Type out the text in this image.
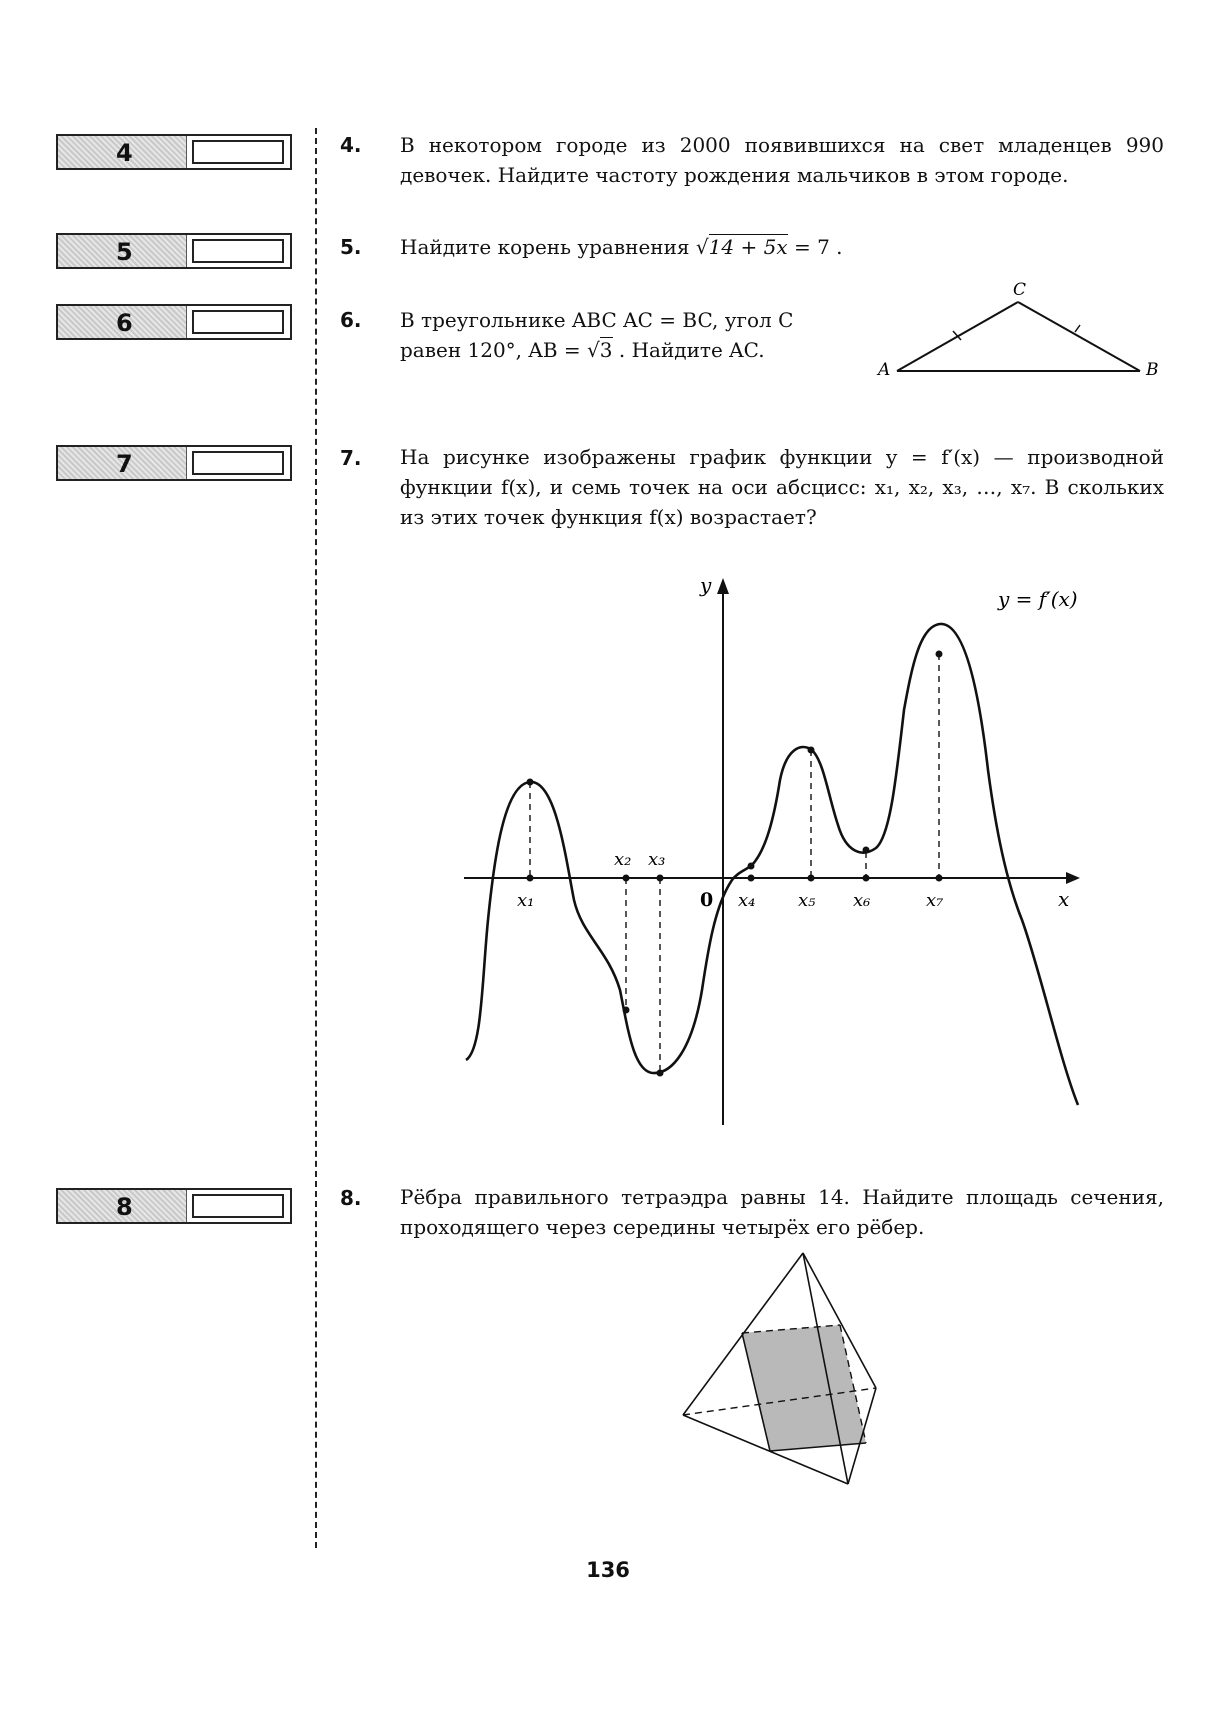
4
5
6
7
8
4. В некотором городе из 2000 появившихся на свет младенцев 990 девочек. Найдите частоту рождения мальчиков в этом городе.
5. Найдите корень уравнения √14 + 5x = 7 .
6. В треугольнике ABC AC = BC, угол C
равен 120°, AB = √3 . Найдите AC.
A	B
C
7. На рисунке изображены график функции y = f′(x) — производной функции f(x), и семь точек на оси абсцисс: x₁, x₂, x₃, …, x₇. В скольких из этих точек функция f(x) возрастает?
y
x
0
y = f′(x)
x₁
x₂ x₃
x₄ x₅ x₆	x₇
8. Рёбра правильного тетраэдра равны 14. Найдите площадь сечения, проходящего через середины четырёх его рёбер.
136
